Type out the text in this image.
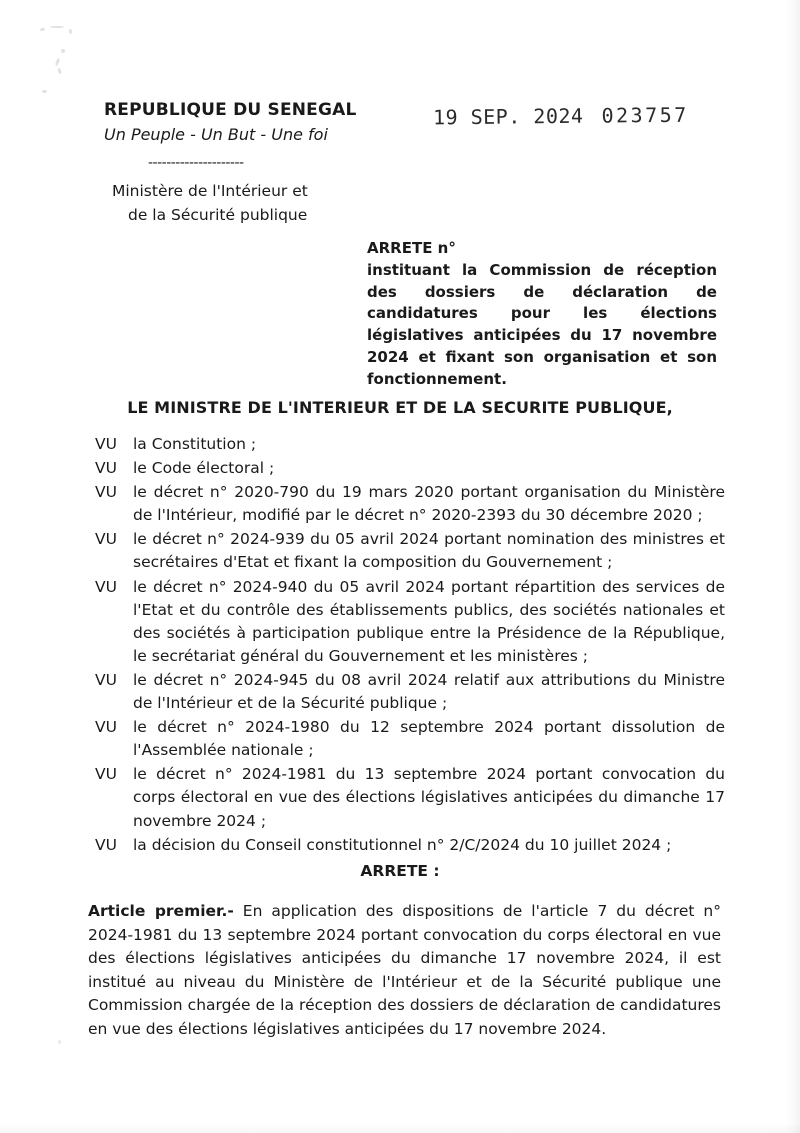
REPUBLIQUE DU SENEGAL
Un Peuple - Un But - Une foi
---------------------
Ministère de l'Intérieur et
de la Sécurité publique
19 SEP. 2024 023757
ARRETE n°
instituant la Commission de réception des dossiers de déclaration de candidatures pour les élections législatives anticipées du 17 novembre 2024 et fixant son organisation et son fonctionnement.
LE MINISTRE DE L'INTERIEUR ET DE LA SECURITE PUBLIQUE,
VU	la Constitution ;
VU	le Code électoral ;
VU	le décret n° 2020-790 du 19 mars 2020 portant organisation du Ministère de l'Intérieur, modifié par le décret n° 2020-2393 du 30 décembre 2020 ;
VU	le décret n° 2024-939 du 05 avril 2024 portant nomination des ministres et secrétaires d'Etat et fixant la composition du Gouvernement ;
VU	le décret n° 2024-940 du 05 avril 2024 portant répartition des services de l'Etat et du contrôle des établissements publics, des sociétés nationales et des sociétés à participation publique entre la Présidence de la République, le secrétariat général du Gouvernement et les ministères ;
VU	le décret n° 2024-945 du 08 avril 2024 relatif aux attributions du Ministre de l'Intérieur et de la Sécurité publique ;
VU	le décret n° 2024-1980 du 12 septembre 2024 portant dissolution de l'Assemblée nationale ;
VU	le décret n° 2024-1981 du 13 septembre 2024 portant convocation du corps électoral en vue des élections législatives anticipées du dimanche 17 novembre 2024 ;
VU	la décision du Conseil constitutionnel n° 2/C/2024 du 10 juillet 2024 ;
ARRETE :
Article premier.- En application des dispositions de l'article 7 du décret n° 2024-1981 du 13 septembre 2024 portant convocation du corps électoral en vue des élections législatives anticipées du dimanche 17 novembre 2024, il est institué au niveau du Ministère de l'Intérieur et de la Sécurité publique une Commission chargée de la réception des dossiers de déclaration de candidatures en vue des élections législatives anticipées du 17 novembre 2024.
